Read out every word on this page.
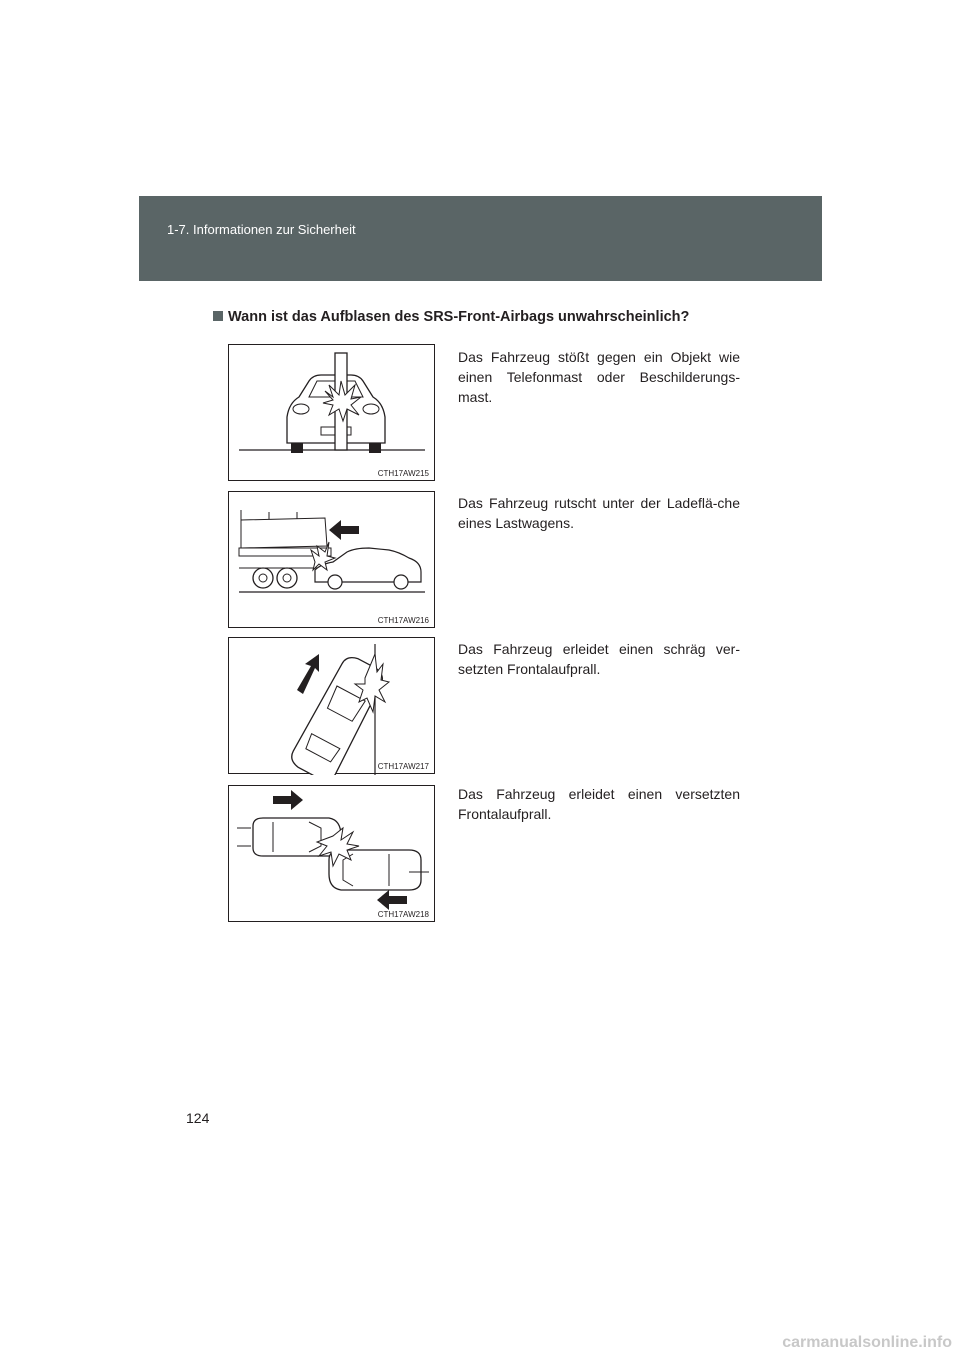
1-7. Informationen zur Sicherheit
Wann ist das Aufblasen des SRS-Front-Airbags unwahrscheinlich?
CTH17AW215
Das Fahrzeug stößt gegen ein Objekt wie einen Telefonmast oder Beschilderungs-mast.
CTH17AW216
Das Fahrzeug rutscht unter der Ladeflä-che eines Lastwagens.
CTH17AW217
Das Fahrzeug erleidet einen schräg ver-setzten Frontalaufprall.
CTH17AW218
Das Fahrzeug erleidet einen versetzten Frontalaufprall.
124
carmanualsonline.info
